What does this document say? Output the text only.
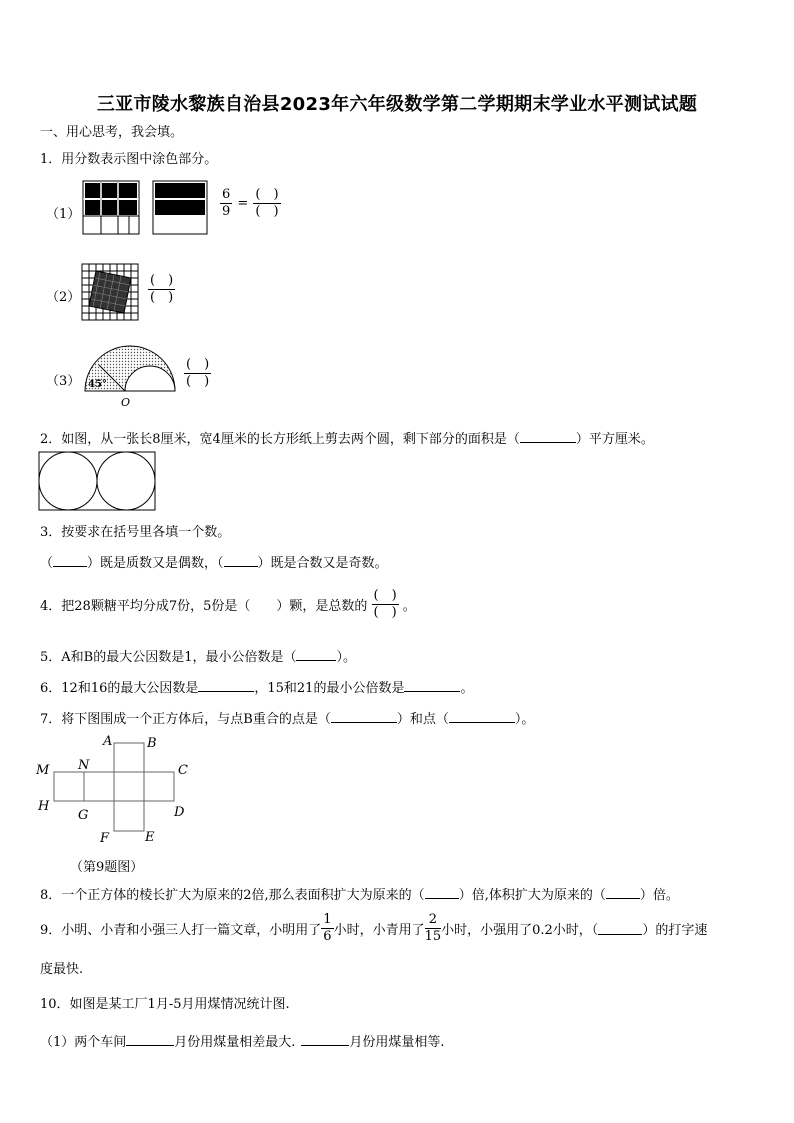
三亚市陵水黎族自治县2023年六年级数学第二学期期末学业水平测试试题
一、用心思考，我会填。
1．用分数表示图中涂色部分。
（1）	$\frac{6}{9}$ =
(　)
(　)
（2）
(　)
(　)
（3） 45°
O
(　)
(　)
2．如图，从一张长8厘米，宽4厘米的长方形纸上剪去两个圆，剩下部分的面积是（	）平方厘米。
3．按要求在括号里各填一个数。
（	）既是质数又是偶数，（	）既是合数又是奇数。
4．把28颗糖平均分成7份，5份是（　　）颗，是总数的
(　)
(　) 。
5．A和B的最大公因数是1，最小公倍数是（	）。
6．12和16的最大公因数是	，15和21的最小公倍数是	。
7．将下图围成一个正方体后，与点B重合的点是（	）和点（	）。
A	B
C
D
E
F
G
H
M N
（第9题图）
8．一个正方体的棱长扩大为原来的2倍,那么表面积扩大为原来的（	）倍,体积扩大为原来的（	）倍。
9．小明、小青和小强三人打一篇文章，小明用了 $\frac{1}{6}$ 小时，小青用了 $\frac{2}{15}$ 小时，小强用了0.2小时，（	）的打字速
度最快.
10．如图是某工厂1月-5月用煤情况统计图.
（1）两个车间	月份用煤量相差最大.	月份用煤量相等.
